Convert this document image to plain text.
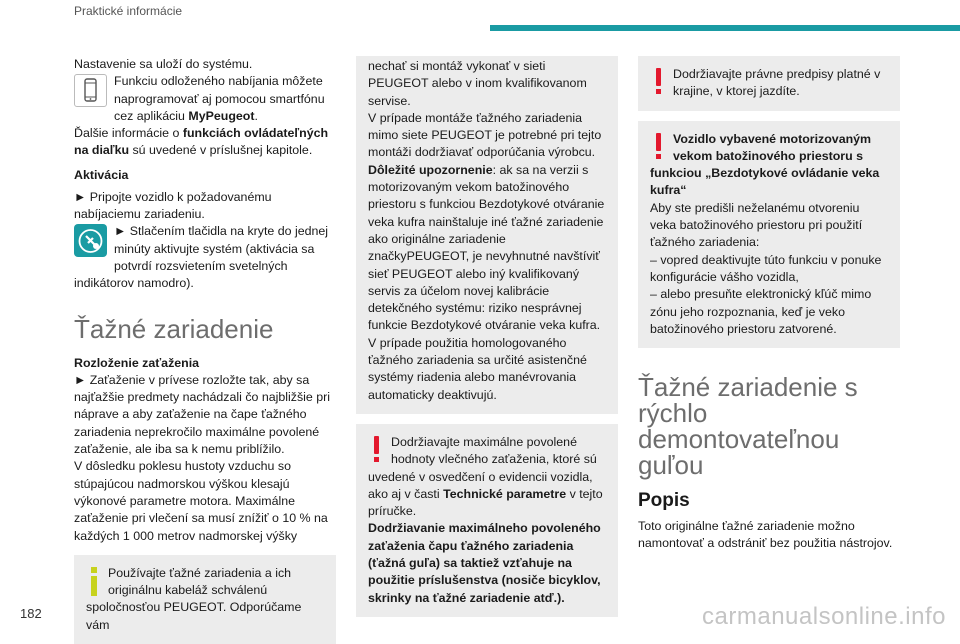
Praktické informácie

Nastavenie sa uloží do systému.

Funkciu odloženého nabíjania môžete naprogramovať aj pomocou smartfónu cez aplikáciu MyPeugeot.

Ďalšie informácie o funkciách ovládateľných na diaľku sú uvedené v príslušnej kapitole.

Aktivácia

► Pripojte vozidlo k požadovanému nabíjaciemu zariadeniu.

► Stlačením tlačidla na kryte do jednej minúty aktivujte systém (aktivácia sa potvrdí rozsvietením svetelných indikátorov namodro).

Ťažné zariadenie

Rozloženie zaťaženia

► Zaťaženie v prívese rozložte tak, aby sa najťažšie predmety nachádzali čo najbližšie pri náprave a aby zaťaženie na čape ťažného zariadenia neprekročilo maximálne povolené zaťaženie, ale iba sa k nemu priblížilo.

V dôsledku poklesu hustoty vzduchu so stúpajúcou nadmorskou výškou klesajú výkonové parametre motora. Maximálne zaťaženie pri vlečení sa musí znížiť o 10 % na každých 1 000 metrov nadmorskej výšky

Používajte ťažné zariadenia a ich originálnu kabeláž schválenú spoločnosťou PEUGEOT. Odporúčame vám

nechať si montáž vykonať v sieti PEUGEOT alebo v inom kvalifikovanom servise.

V prípade montáže ťažného zariadenia mimo siete PEUGEOT je potrebné pri tejto montáži dodržiavať odporúčania výrobcu.

Dôležité upozornenie: ak sa na verzii s motorizovaným vekom batožinového priestoru s funkciou Bezdotykové otváranie veka kufra nainštaluje iné ťažné zariadenie ako originálne zariadenie značkyPEUGEOT, je nevyhnutné navštíviť sieť PEUGEOT alebo iný kvalifikovaný servis za účelom novej kalibrácie detekčného systému: riziko nesprávnej funkcie Bezdotykové otváranie veka kufra.

V prípade použitia homologovaného ťažného zariadenia sa určité asistenčné systémy riadenia alebo manévrovania automaticky deaktivujú.

Dodržiavajte maximálne povolené hodnoty vlečného zaťaženia, ktoré sú uvedené v osvedčení o evidencii vozidla, ako aj v časti Technické parametre v tejto príručke.

Dodržiavanie maximálneho povoleného zaťaženia čapu ťažného zariadenia (ťažná guľa) sa taktiež vzťahuje na použitie príslušenstva (nosiče bicyklov, skrinky na ťažné zariadenie atď.).

Dodržiavajte právne predpisy platné v krajine, v ktorej jazdíte.

Vozidlo vybavené motorizovaným vekom batožinového priestoru s funkciou „Bezdotykové ovládanie veka kufra“

Aby ste predišli neželanému otvoreniu veka batožinového priestoru pri použití ťažného zariadenia:

– vopred deaktivujte túto funkciu v ponuke konfigurácie vášho vozidla,

– alebo presuňte elektronický kľúč mimo zónu jeho rozpoznania, keď je veko batožinového priestoru zatvorené.

Ťažné zariadenie s rýchlo demontovateľnou guľou
Popis

Toto originálne ťažné zariadenie možno namontovať a odstrániť bez použitia nástrojov.

182	carmanualsonline.info
